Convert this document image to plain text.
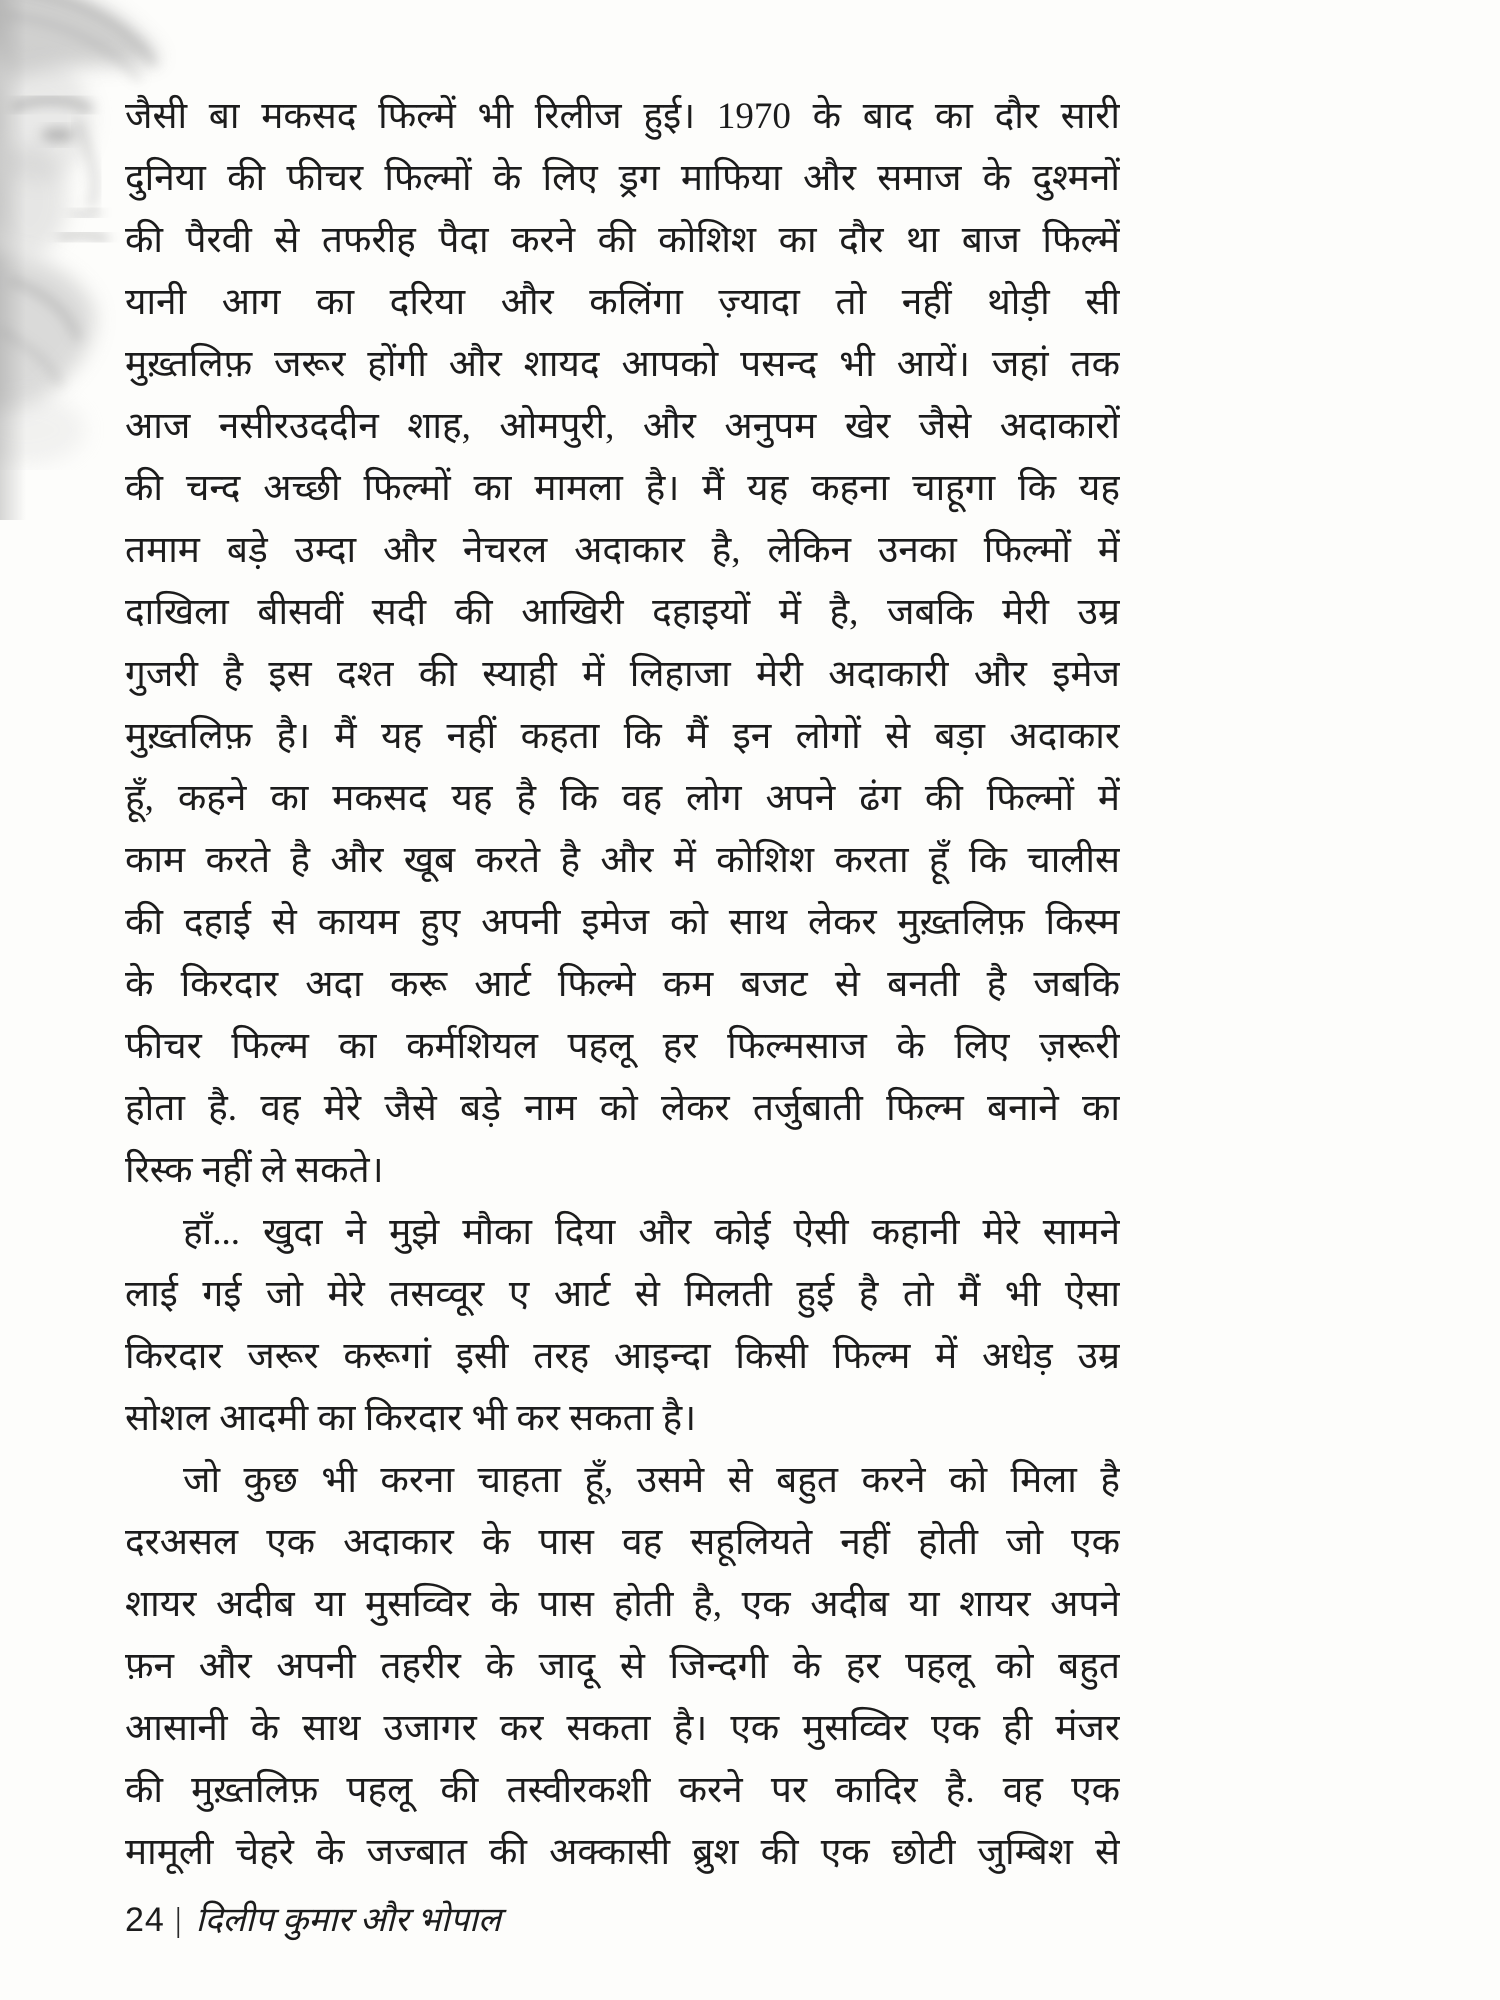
जैसी बा मकसद फिल्में भी रिलीज हुई। 1970 के बाद का दौर सारी
दुनिया की फीचर फिल्मों के लिए ड्रग माफिया और समाज के दुश्मनों
की पैरवी से तफरीह पैदा करने की कोशिश का दौर था बाज फिल्में
यानी आग का दरिया और कलिंगा ज़्यादा तो नहीं थोड़ी सी
मुख़्तलिफ़ जरूर होंगी और शायद आपको पसन्द भी आयें। जहां तक
आज नसीरउददीन शाह, ओमपुरी, और अनुपम खेर जैसे अदाकारों
की चन्द अच्छी फिल्मों का मामला है। मैं यह कहना चाहूगा कि यह
तमाम बड़े उम्दा और नेचरल अदाकार है, लेकिन उनका फिल्मों में
दाखिला बीसवीं सदी की आखिरी दहाइयों में है, जबकि मेरी उम्र
गुजरी है इस दश्त की स्याही में लिहाजा मेरी अदाकारी और इमेज
मुख़्तलिफ़ है। मैं यह नहीं कहता कि मैं इन लोगों से बड़ा अदाकार
हूँ, कहने का मकसद यह है कि वह लोग अपने ढंग की फिल्मों में
काम करते है और खूब करते है और में कोशिश करता हूँ कि चालीस
की दहाई से कायम हुए अपनी इमेज को साथ लेकर मुख़्तलिफ़ किस्म
के किरदार अदा करू आर्ट फिल्मे कम बजट से बनती है जबकि
फीचर फिल्म का कर्मशियल पहलू हर फिल्मसाज के लिए ज़रूरी
होता है. वह मेरे जैसे बड़े नाम को लेकर तर्जुबाती फिल्म बनाने का
रिस्क नहीं ले सकते।
हाँ... खुदा ने मुझे मौका दिया और कोई ऐसी कहानी मेरे सामने
लाई गई जो मेरे तसव्वूर ए आर्ट से मिलती हुई है तो मैं भी ऐसा
किरदार जरूर करूगां इसी तरह आइन्दा किसी फिल्म में अधेड़ उम्र
सोशल आदमी का किरदार भी कर सकता है।
जो कुछ भी करना चाहता हूँ, उसमे से बहुत करने को मिला है
दरअसल एक अदाकार के पास वह सहूलियते नहीं होती जो एक
शायर अदीब या मुसव्विर के पास होती है, एक अदीब या शायर अपने
फ़न और अपनी तहरीर के जादू से जिन्दगी के हर पहलू को बहुत
आसानी के साथ उजागर कर सकता है। एक मुसव्विर एक ही मंजर
की मुख़्तलिफ़ पहलू की तस्वीरकशी करने पर कादिर है. वह एक
मामूली चेहरे के जज्बात की अक्कासी ब्रुश की एक छोटी जुम्बिश से
24 | दिलीप कुमार और भोपाल
